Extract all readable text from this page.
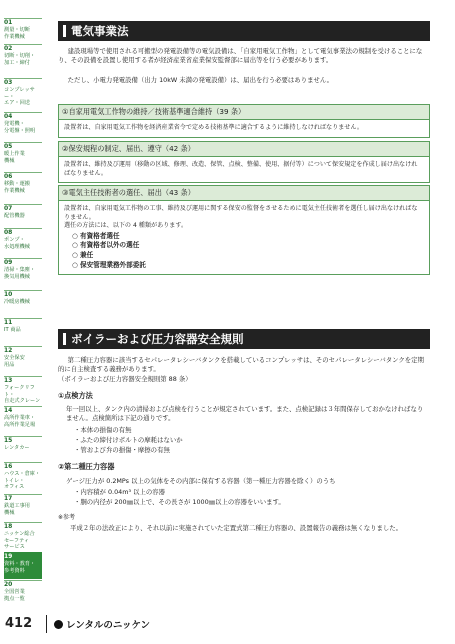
01
測量・切断
作業機械
02
切断・切削・
加工・締付
03
コンプレッサー・
エア・回送
04
発電機・
分電盤・照明
05
暖上作業
機械
06
移動・運搬
作業機械
07
配管機器
08
ポンプ・
水処理機械
09
清掃・集塵・
換気用機械
10
冷暖房機械
11
IT 商品
12
安全保安
用品
13
フォークリフト・
自走式クレーン
14
高所作業車・
高所作業足場
15
レンタカー
16
ハウス・倉庫・
トイレ・
オフィス
17
鉄道工事用
機械
18
ニッケン総合
セーフティ
サービス
19
資料・教育・
参考資料
20
全国営業
拠点一覧
電気事業法
建設現場等で使用される可搬型の発電設備等の電気設備は、「自家用電気工作物」として電気事業法の規制を受けることになり、その設備を設置し使用する者が経済産業省産業保安監督部に届出等を行う必要があります。
ただし、小電力発電設備（出力 10kW 未満の発電設備）は、届出を行う必要はありません。
①自家用電気工作物の維持／技術基準適合維持（39 条）
設置者は、自家用電気工作物を経済産業省令で定める技術基準に適合するように維持しなければなりません。
②保安規程の制定、届出、遵守（42 条）
設置者は、維持及び運用（移動の区域、修理、改造、保管、点検、整備、使用、据付等）について保安規定を作成し届け出なければなりません。
③電気主任技術者の選任、届出（43 条）
設置者は、自家用電気工作物の工事、維持及び運用に関する保安の監督をさせるために電気主任技術者を選任し届け出なければなりません。
選任の方法には、以下の 4 種類があります。
○ 有資格者選任
○ 有資格者以外の選任
○ 兼任
○ 保安管理業務外部委託
ボイラーおよび圧力容器安全規則
第二種圧力容器に該当するセパレータレシーバタンクを搭載しているコンプレッサは、そのセパレータレシーバタンクを定期的に自主検査する義務があります。
（ボイラーおよび圧力容器安全規則第 88 条）
①点検方法
年一回以上、タンク内の清掃および点検を行うことが規定されています。また、点検記録は３年間保存しておかなければなりません。点検箇所は下記の通りです。
・本体の損傷の有無
・ふたの締付けボルトの摩耗はないか
・管および弁の損傷・摩擦の有無
②第二種圧力容器
ゲージ圧力が 0.2MPs 以上の気体をその内部に保有する容器（第一種圧力容器を除く）のうち
・内容積が 0.04m³ 以上の容器
・胴の内径が 200㎜以上で、その長さが 1000㎜以上の容器をいいます。
※参考
平成２年の法改正により、それ以前に実施されていた定置式第二種圧力容器の、設置報告の義務は無くなりました。
412	レンタルのニッケン
